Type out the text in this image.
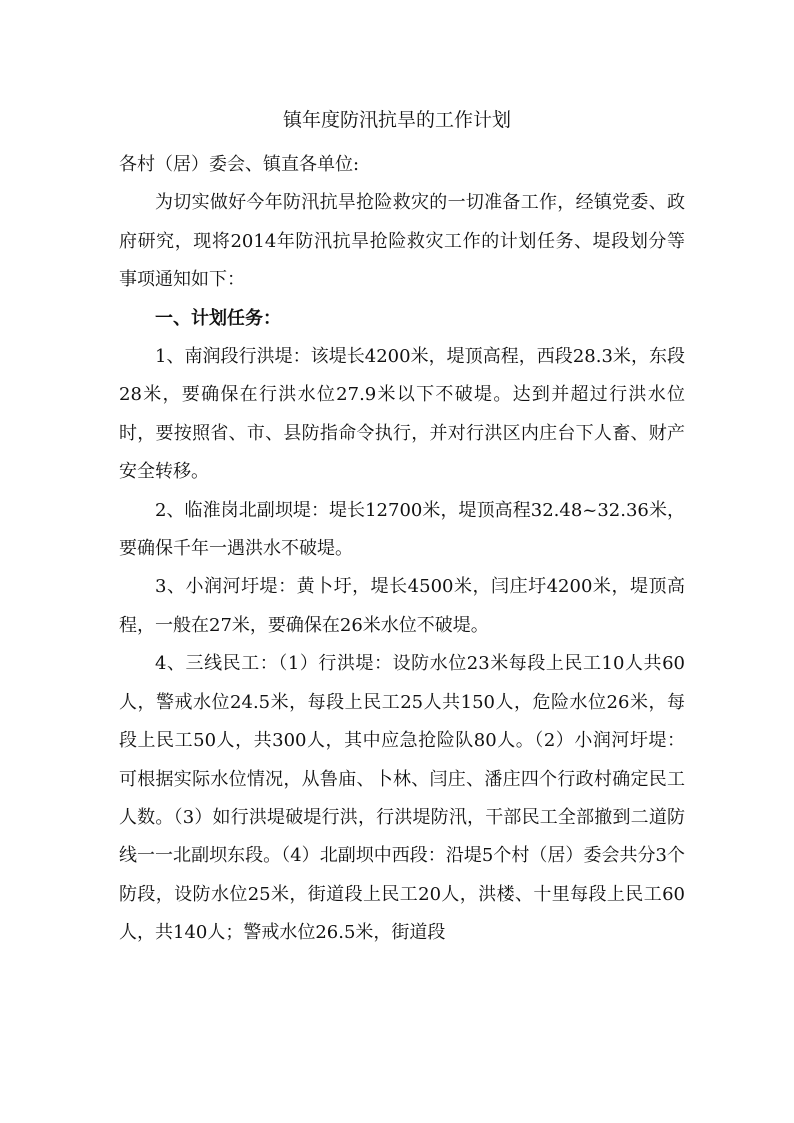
镇年度防汛抗旱的工作计划

各村（居）委会、镇直各单位:

为切实做好今年防汛抗旱抢险救灾的一切准备工作，经镇党委、政府研究，现将2014年防汛抗旱抢险救灾工作的计划任务、堤段划分等事项通知如下：

一、计划任务：

1、南润段行洪堤：该堤长4200米，堤顶高程，西段28.3米，东段28米，要确保在行洪水位27.9米以下不破堤。达到并超过行洪水位时，要按照省、市、县防指命令执行，并对行洪区内庄台下人畜、财产安全转移。

2、临淮岗北副坝堤：堤长12700米，堤顶高程32.48~32.36米，要确保千年一遇洪水不破堤。

3、小润河圩堤：黄卜圩，堤长4500米，闫庄圩4200米，堤顶高程，一般在27米，要确保在26米水位不破堤。

4、三线民工：（1）行洪堤：设防水位23米每段上民工10人共60人，警戒水位24.5米，每段上民工25人共150人，危险水位26米，每段上民工50人，共300人，其中应急抢险队80人。（2）小润河圩堤：可根据实际水位情况，从鲁庙、卜林、闫庄、潘庄四个行政村确定民工人数。（3）如行洪堤破堤行洪，行洪堤防汛，干部民工全部撤到二道防线一一北副坝东段。（4）北副坝中西段：沿堤5个村（居）委会共分3个防段，设防水位25米，街道段上民工20人，洪楼、十里每段上民工60人，共140人；警戒水位26.5米，街道段
